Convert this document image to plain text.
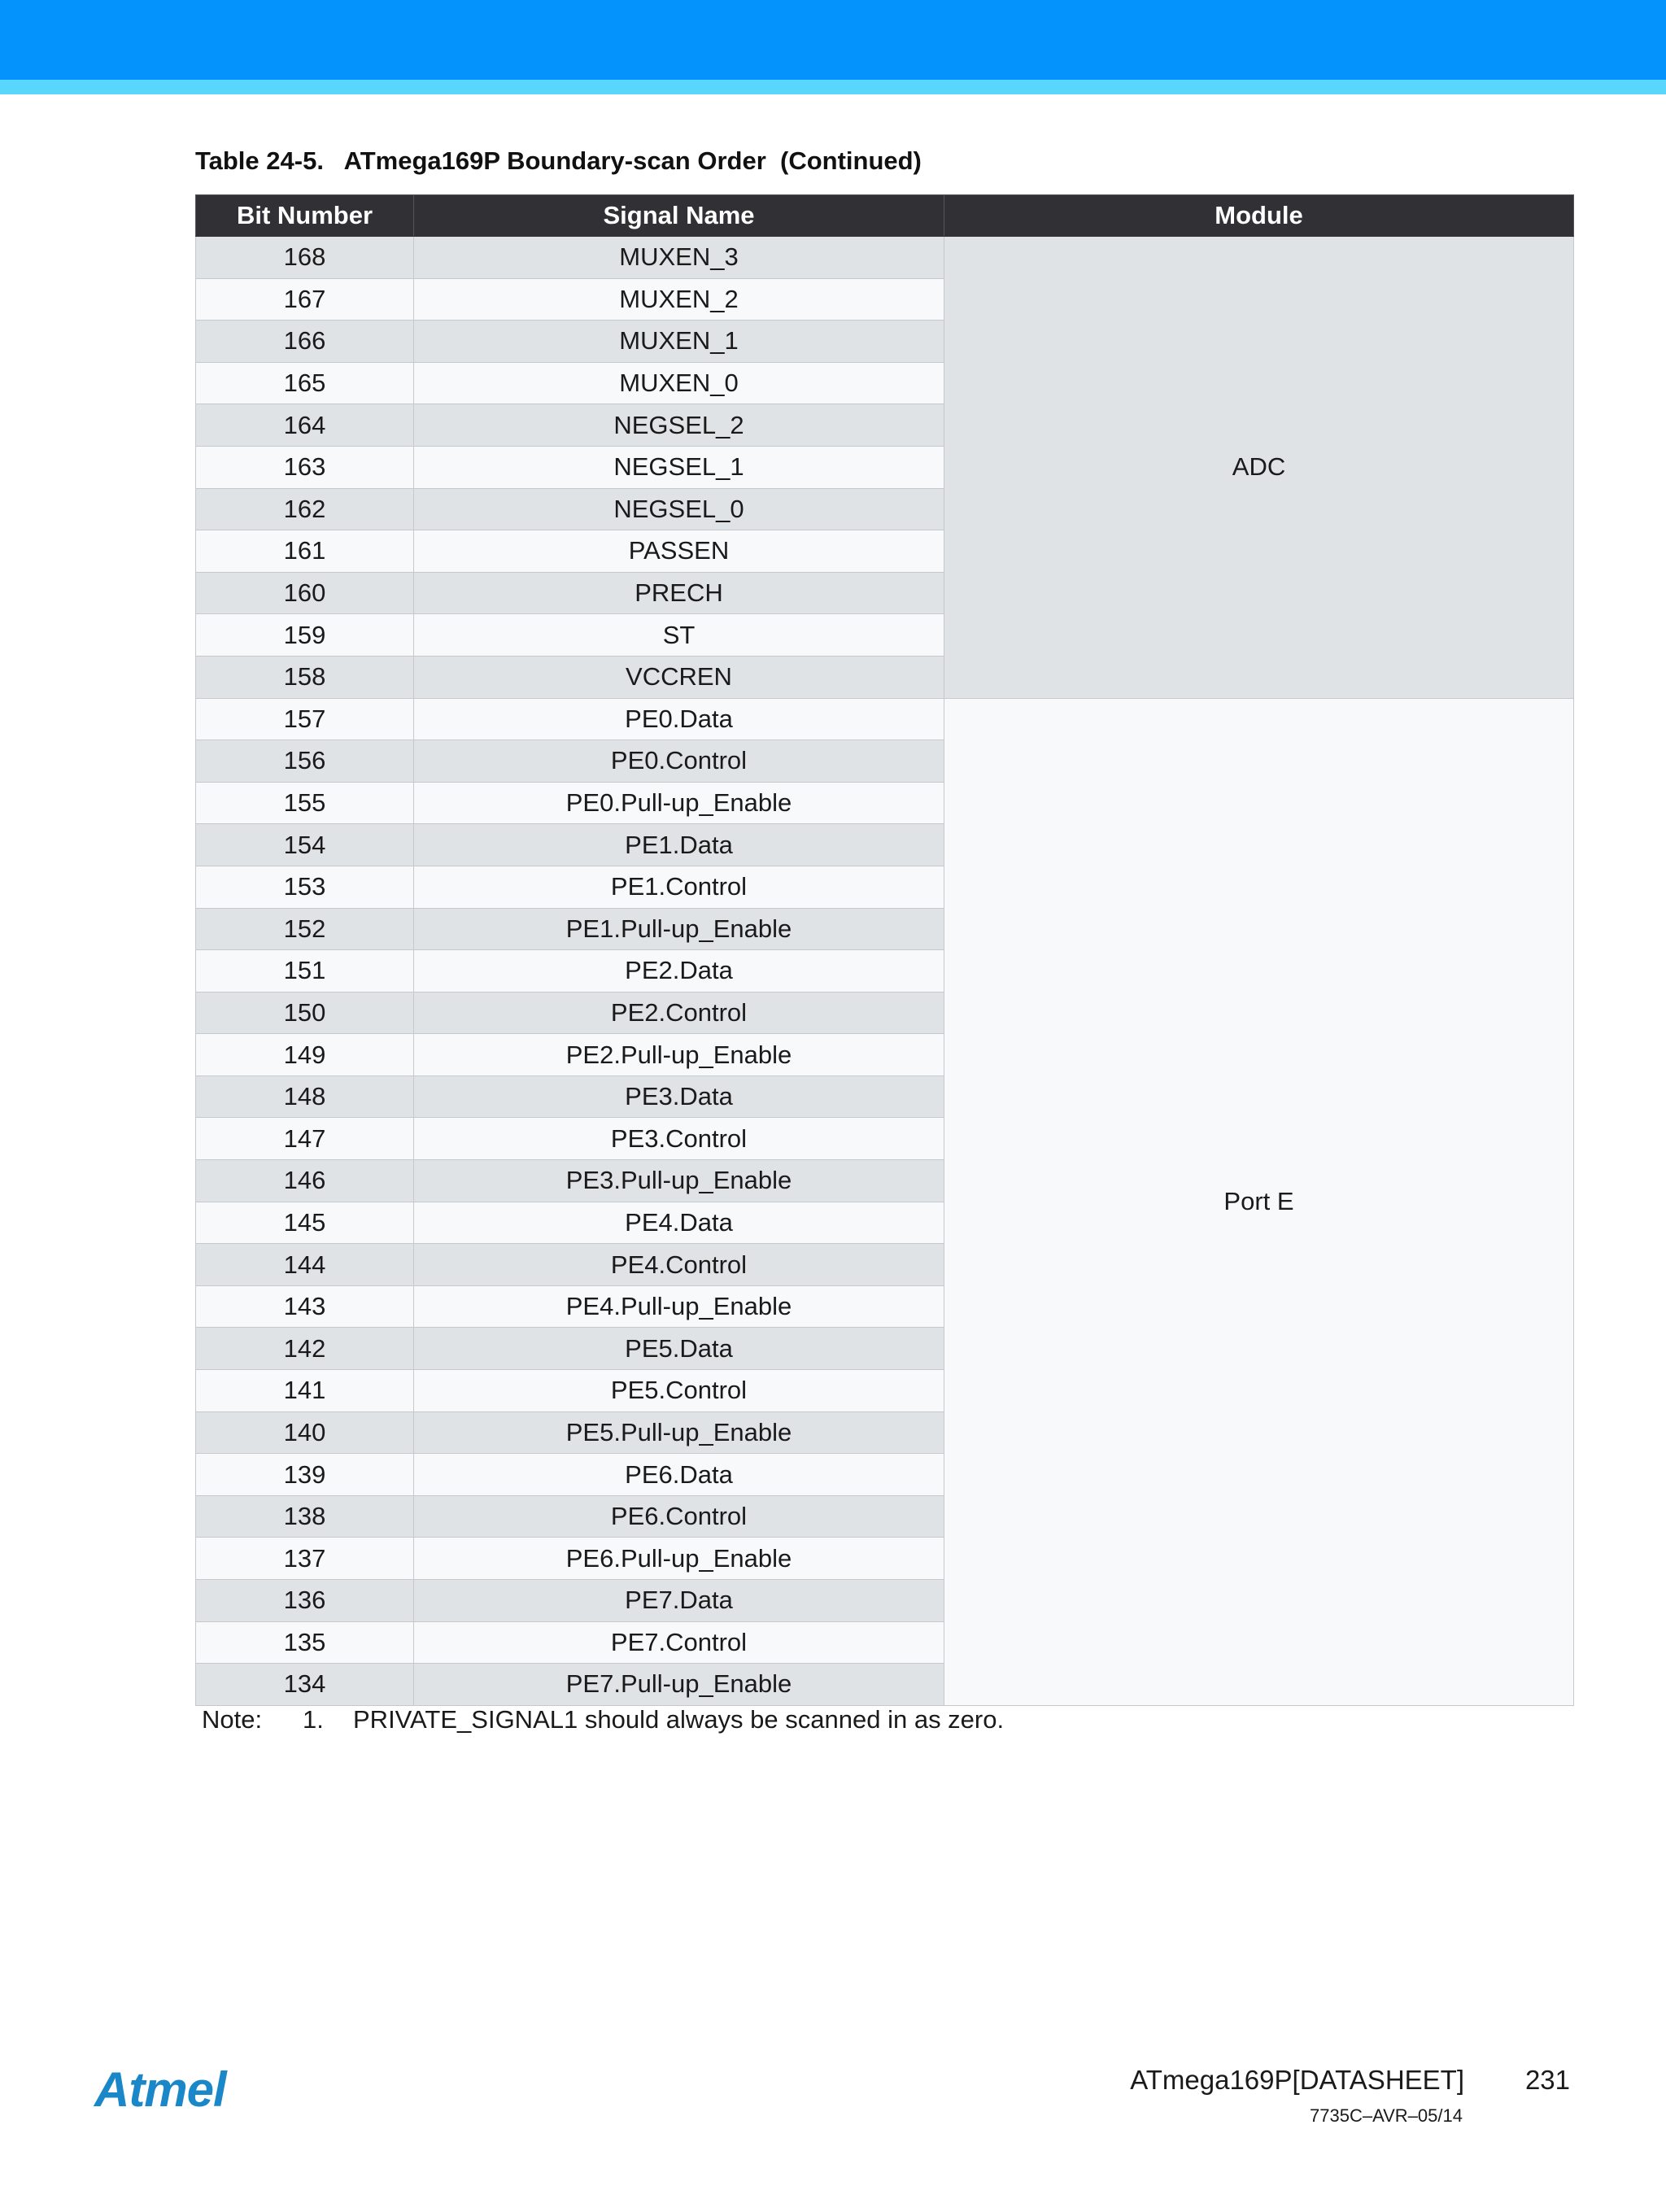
Table 24-5.   ATmega169P Boundary-scan Order  (Continued)
Bit Number	Signal Name	Module
168	MUXEN_3	ADC
167	MUXEN_2	
166	MUXEN_1	
165	MUXEN_0	
164	NEGSEL_2	
163	NEGSEL_1	
162	NEGSEL_0	
161	PASSEN	
160	PRECH	
159	ST	
158	VCCREN	
157	PE0.Data	Port E
156	PE0.Control	
155	PE0.Pull-up_Enable	
154	PE1.Data	
153	PE1.Control	
152	PE1.Pull-up_Enable	
151	PE2.Data	
150	PE2.Control	
149	PE2.Pull-up_Enable	
148	PE3.Data	
147	PE3.Control	
146	PE3.Pull-up_Enable	
145	PE4.Data	
144	PE4.Control	
143	PE4.Pull-up_Enable	
142	PE5.Data	
141	PE5.Control	
140	PE5.Pull-up_Enable	
139	PE6.Data	
138	PE6.Control	
137	PE6.Pull-up_Enable	
136	PE7.Data	
135	PE7.Control	
134	PE7.Pull-up_Enable	
Note: 1. PRIVATE_SIGNAL1 should always be scanned in as zero.
Atmel	ATmega169P[DATASHEET] 231
7735C–AVR–05/14
